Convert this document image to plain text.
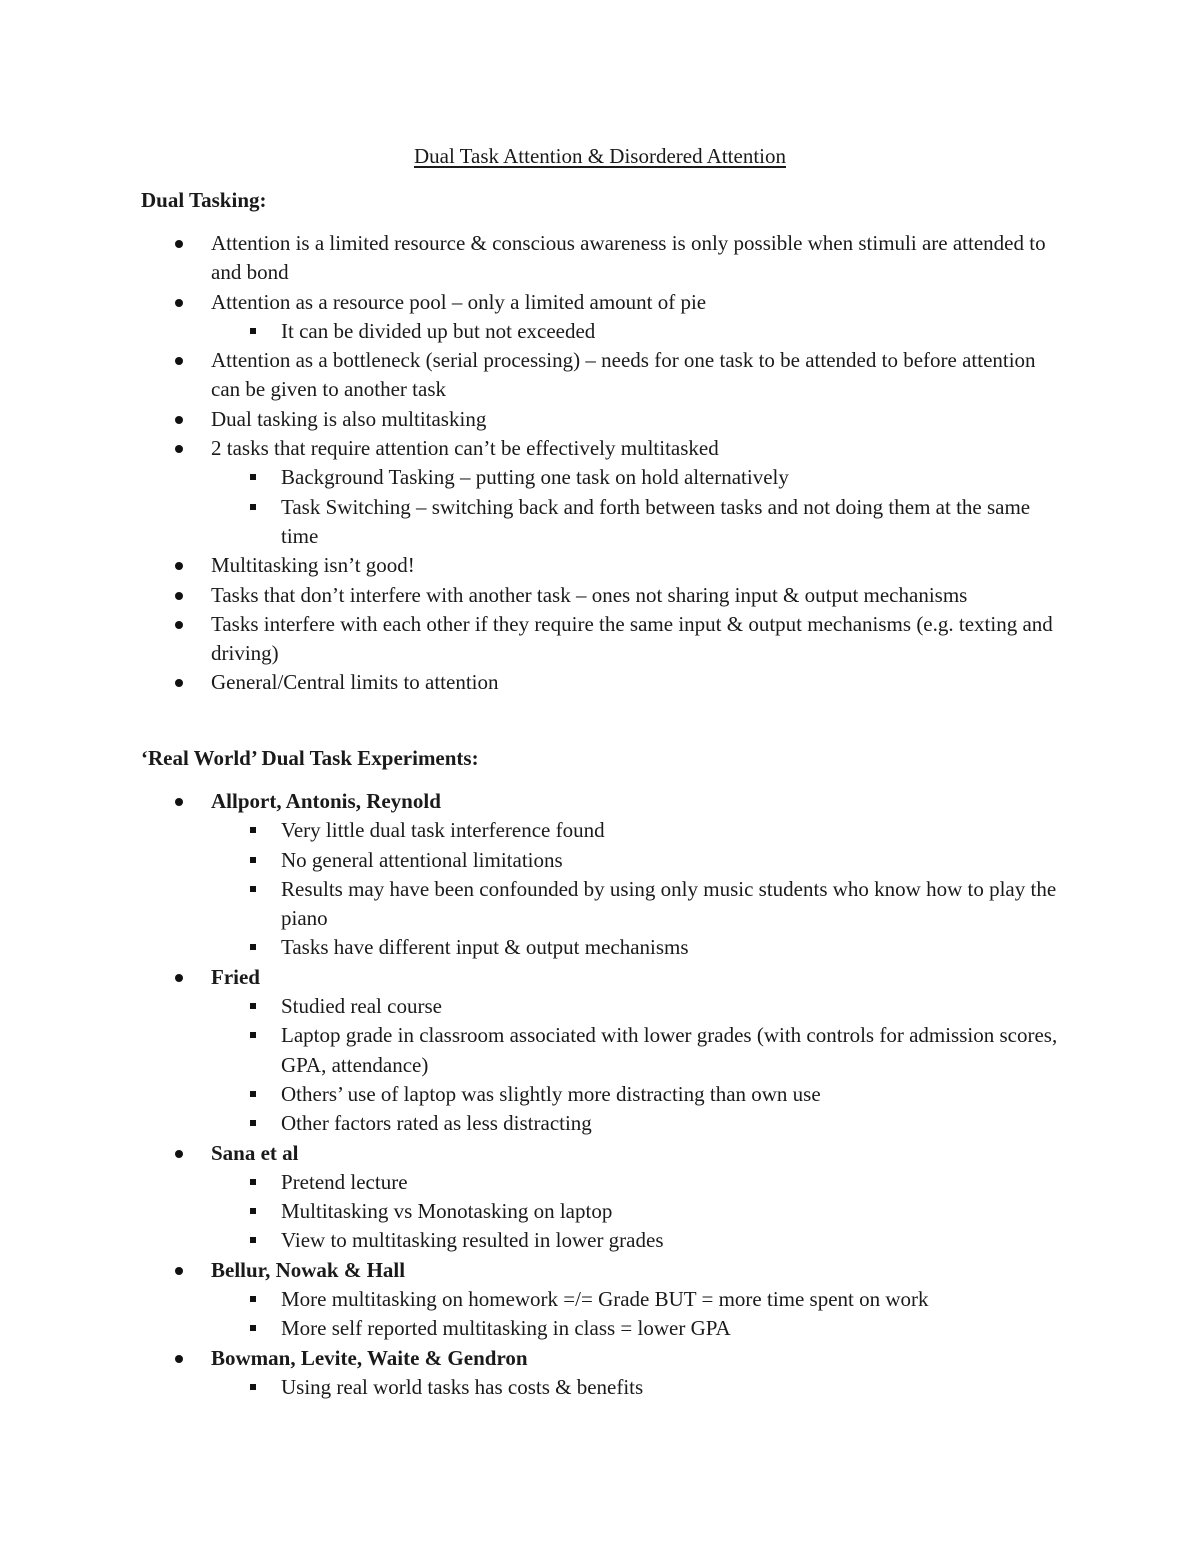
Dual Task Attention & Disordered Attention

Dual Tasking:

Attention is a limited resource & conscious awareness is only possible when stimuli are attended to and bond
Attention as a resource pool – only a limited amount of pie
It can be divided up but not exceeded
Attention as a bottleneck (serial processing) – needs for one task to be attended to before attention can be given to another task
Dual tasking is also multitasking
2 tasks that require attention can’t be effectively multitasked
Background Tasking – putting one task on hold alternatively
Task Switching – switching back and forth between tasks and not doing them at the same time
Multitasking isn’t good!
Tasks that don’t interfere with another task – ones not sharing input & output mechanisms
Tasks interfere with each other if they require the same input & output mechanisms (e.g. texting and driving)
General/Central limits to attention

‘Real World’ Dual Task Experiments:

Allport, Antonis, Reynold
Very little dual task interference found
No general attentional limitations
Results may have been confounded by using only music students who know how to play the piano
Tasks have different input & output mechanisms
Fried
Studied real course
Laptop grade in classroom associated with lower grades (with controls for admission scores, GPA, attendance)
Others’ use of laptop was slightly more distracting than own use
Other factors rated as less distracting
Sana et al
Pretend lecture
Multitasking vs Monotasking on laptop
View to multitasking resulted in lower grades
Bellur, Nowak & Hall
More multitasking on homework =/= Grade BUT = more time spent on work
More self reported multitasking in class = lower GPA
Bowman, Levite, Waite & Gendron
Using real world tasks has costs & benefits
